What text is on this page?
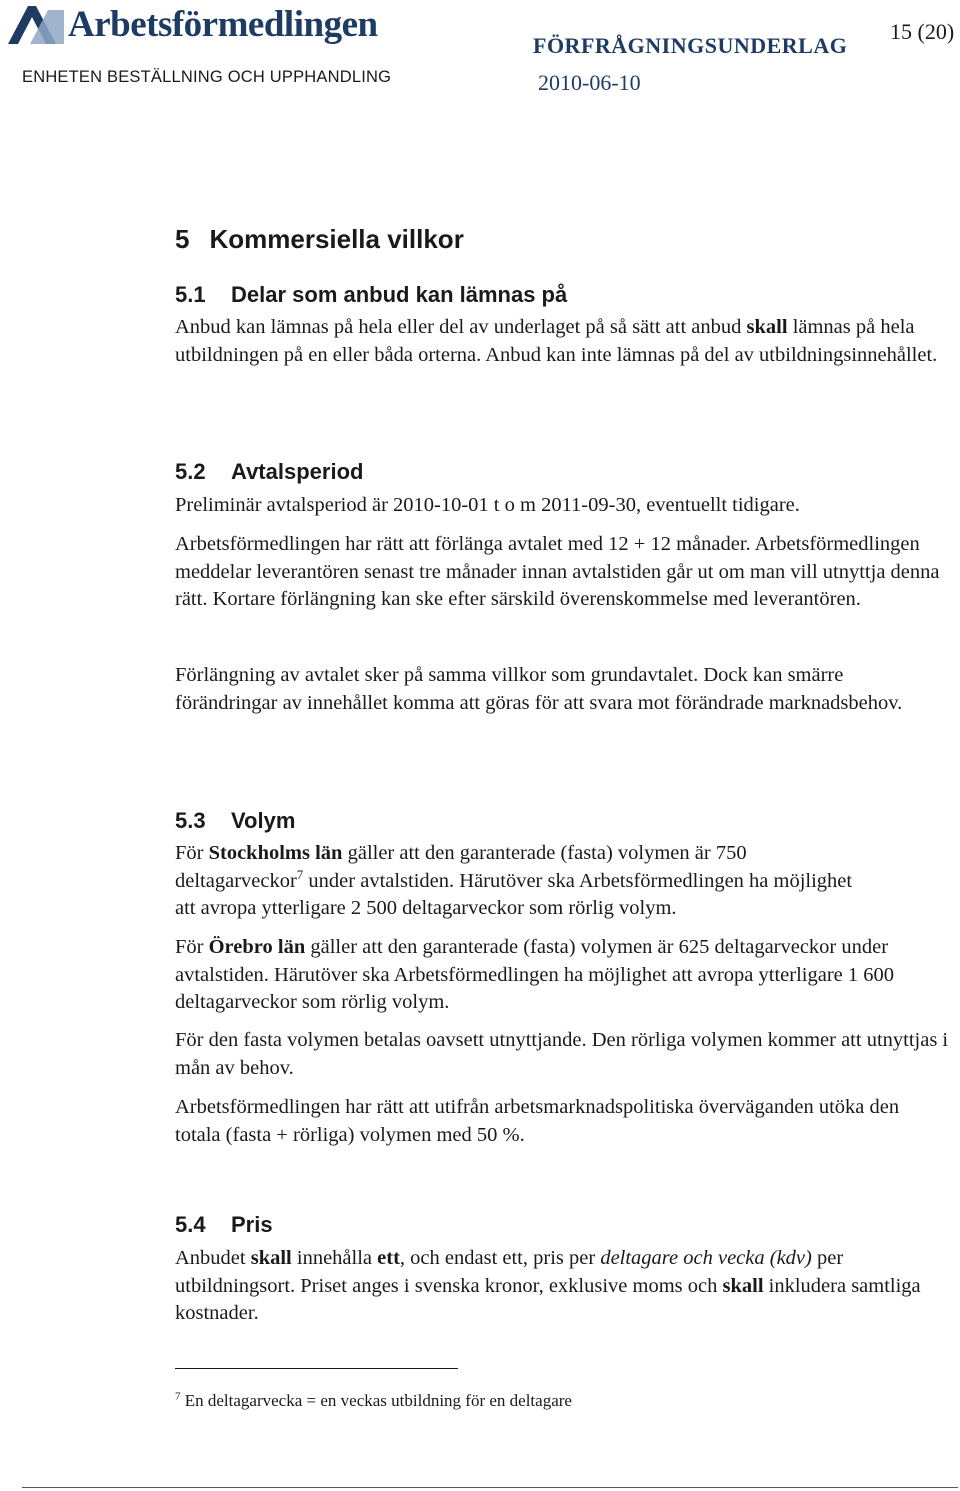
Arbetsförmedlingen
ENHETEN BESTÄLLNING OCH UPPHANDLING
FÖRFRÅGNINGSUNDERLAG
2010-06-10
15 (20)
5 Kommersiella villkor
5.1 Delar som anbud kan lämnas på

Anbud kan lämnas på hela eller del av underlaget på så sätt att anbud skall lämnas på hela utbildningen på en eller båda orterna. Anbud kan inte lämnas på del av utbildningsinnehållet.

5.2 Avtalsperiod

Preliminär avtalsperiod är 2010-10-01 t o m 2011-09-30, eventuellt tidigare.

Arbetsförmedlingen har rätt att förlänga avtalet med 12 + 12 månader. Arbetsförmedlingen meddelar leverantören senast tre månader innan avtalstiden går ut om man vill utnyttja denna rätt. Kortare förlängning kan ske efter särskild överenskommelse med leverantören.

Förlängning av avtalet sker på samma villkor som grundavtalet. Dock kan smärre förändringar av innehållet komma att göras för att svara mot förändrade marknadsbehov.

5.3 Volym

För Stockholms län gäller att den garanterade (fasta) volymen är 750 deltagarveckor$^7$ under avtalstiden. Härutöver ska Arbetsförmedlingen ha möjlighet att avropa ytterligare 2 500 deltagarveckor som rörlig volym.

För Örebro län gäller att den garanterade (fasta) volymen är 625 deltagarveckor under avtalstiden. Härutöver ska Arbetsförmedlingen ha möjlighet att avropa ytterligare 1 600 deltagarveckor som rörlig volym.

För den fasta volymen betalas oavsett utnyttjande. Den rörliga volymen kommer att utnyttjas i mån av behov.

Arbetsförmedlingen har rätt att utifrån arbetsmarknadspolitiska överväganden utöka den totala (fasta + rörliga) volymen med 50 %.

5.4 Pris

Anbudet skall innehålla ett, och endast ett, pris per deltagare och vecka (kdv) per utbildningsort. Priset anges i svenska kronor, exklusive moms och skall inkludera samtliga kostnader.

$^7$ En deltagarvecka = en veckas utbildning för en deltagare
